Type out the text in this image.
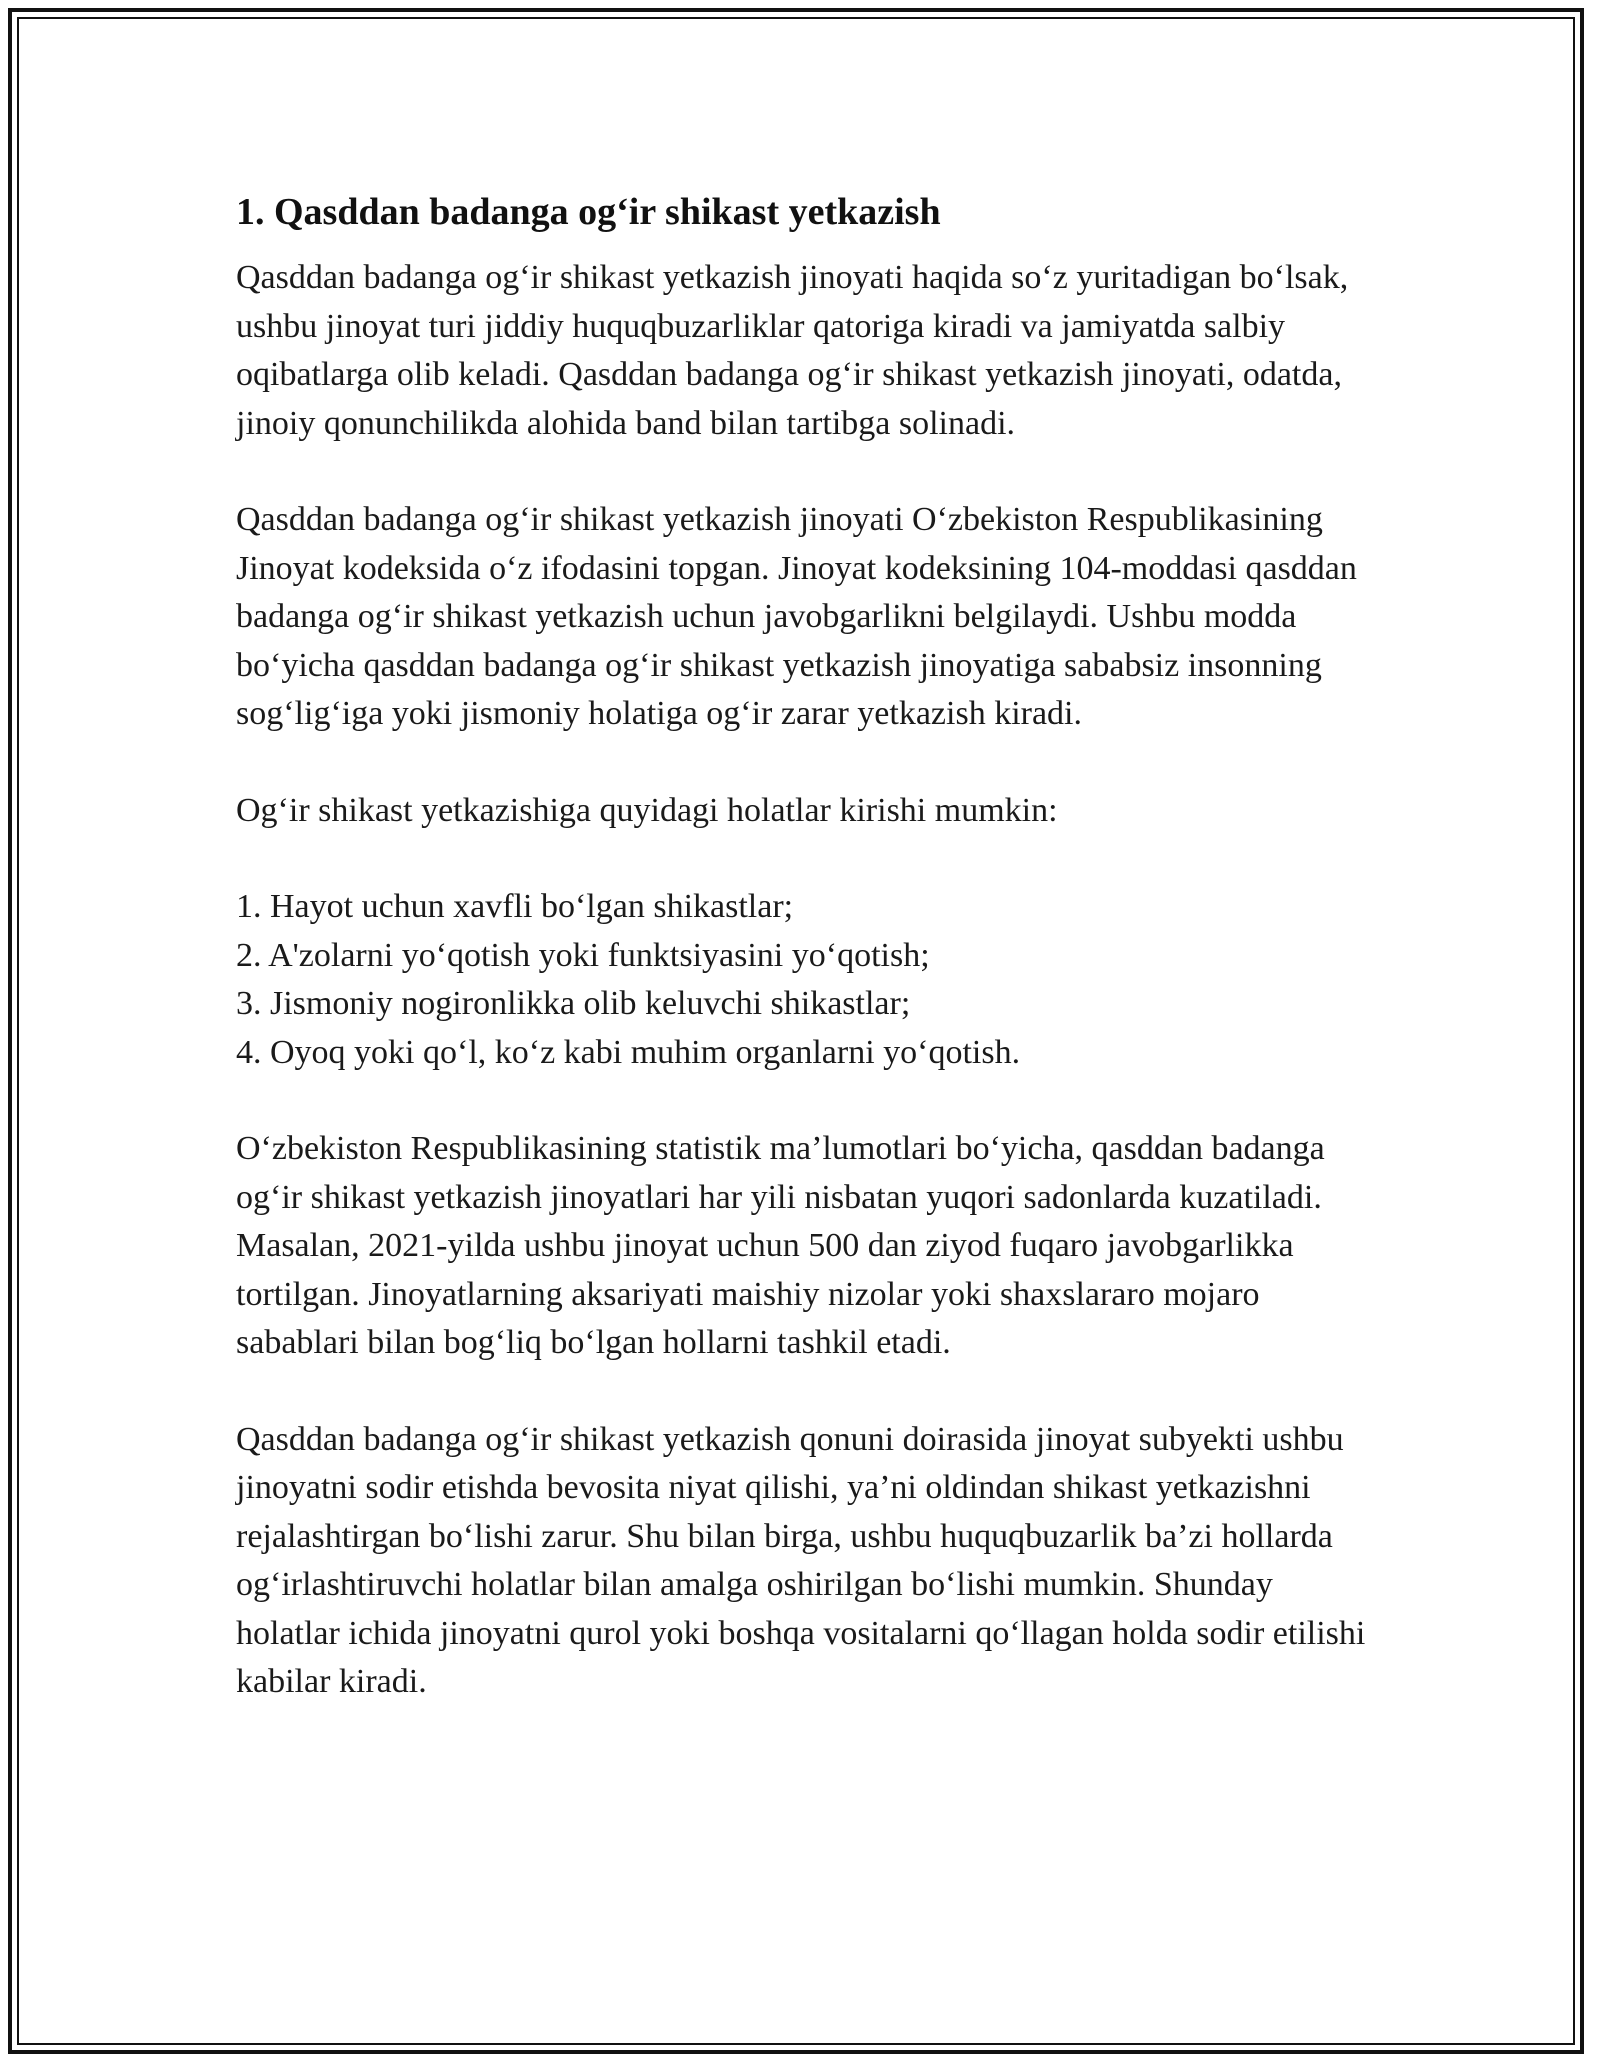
1. Qasddan badanga og‘ir shikast yetkazish

Qasddan badanga og‘ir shikast yetkazish jinoyati haqida so‘z yuritadigan bo‘lsak, ushbu jinoyat turi jiddiy huquqbuzarliklar qatoriga kiradi va jamiyatda salbiy oqibatlarga olib keladi. Qasddan badanga og‘ir shikast yetkazish jinoyati, odatda, jinoiy qonunchilikda alohida band bilan tartibga solinadi.

Qasddan badanga og‘ir shikast yetkazish jinoyati O‘zbekiston Respublikasining Jinoyat kodeksida o‘z ifodasini topgan. Jinoyat kodeksining 104-moddasi qasddan badanga og‘ir shikast yetkazish uchun javobgarlikni belgilaydi. Ushbu modda bo‘yicha qasddan badanga og‘ir shikast yetkazish jinoyatiga sababsiz insonning sog‘lig‘iga yoki jismoniy holatiga og‘ir zarar yetkazish kiradi.

Og‘ir shikast yetkazishiga quyidagi holatlar kirishi mumkin:

1. Hayot uchun xavfli bo‘lgan shikastlar;
2. A'zolarni yo‘qotish yoki funktsiyasini yo‘qotish;
3. Jismoniy nogironlikka olib keluvchi shikastlar;
4. Oyoq yoki qo‘l, ko‘z kabi muhim organlarni yo‘qotish.

O‘zbekiston Respublikasining statistik ma’lumotlari bo‘yicha, qasddan badanga og‘ir shikast yetkazish jinoyatlari har yili nisbatan yuqori sadonlarda kuzatiladi. Masalan, 2021-yilda ushbu jinoyat uchun 500 dan ziyod fuqaro javobgarlikka tortilgan. Jinoyatlarning aksariyati maishiy nizolar yoki shaxslararo mojaro sabablari bilan bog‘liq bo‘lgan hollarni tashkil etadi.

Qasddan badanga og‘ir shikast yetkazish qonuni doirasida jinoyat subyekti ushbu jinoyatni sodir etishda bevosita niyat qilishi, ya’ni oldindan shikast yetkazishni rejalashtirgan bo‘lishi zarur. Shu bilan birga, ushbu huquqbuzarlik ba’zi hollarda og‘irlashtiruvchi holatlar bilan amalga oshirilgan bo‘lishi mumkin. Shunday holatlar ichida jinoyatni qurol yoki boshqa vositalarni qo‘llagan holda sodir etilishi kabilar kiradi.
